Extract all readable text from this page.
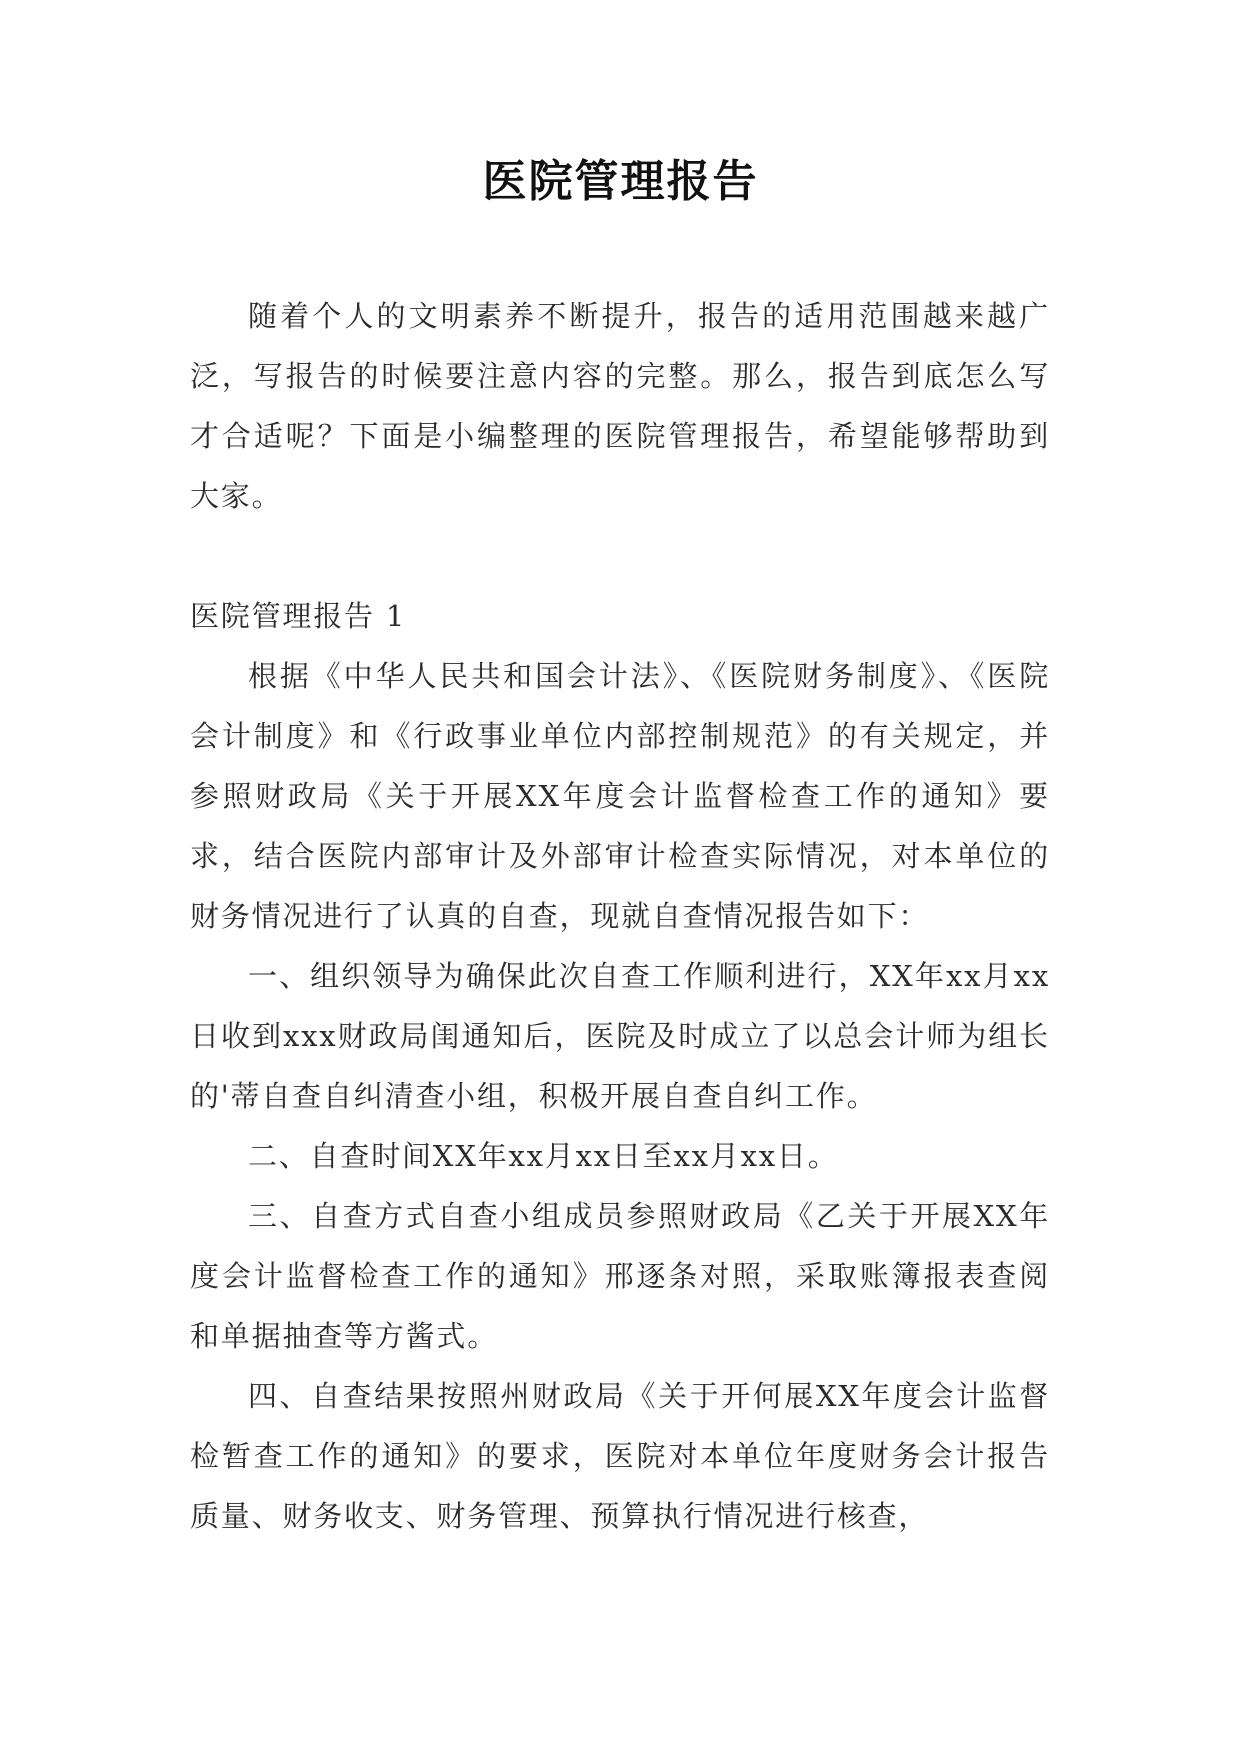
医院管理报告

随着个人的文明素养不断提升，报告的适用范围越来越广泛，写报告的时候要注意内容的完整。那么，报告到底怎么写才合适呢？下面是小编整理的医院管理报告，希望能够帮助到大家。

医院管理报告 1

根据《中华人民共和国会计法》、《医院财务制度》、《医院会计制度》和《行政事业单位内部控制规范》的有关规定，并参照财政局《关于开展XX年度会计监督检查工作的通知》要求，结合医院内部审计及外部审计检查实际情况，对本单位的财务情况进行了认真的自查，现就自查情况报告如下：

一、组织领导为确保此次自查工作顺利进行，XX年xx月xx日收到xxx财政局闺通知后，医院及时成立了以总会计师为组长的'蒂自查自纠清查小组，积极开展自查自纠工作。

二、自查时间XX年xx月xx日至xx月xx日。

三、自查方式自查小组成员参照财政局《乙关于开展XX年度会计监督检查工作的通知》邢逐条对照，采取账簿报表查阅和单据抽查等方酱式。

四、自查结果按照州财政局《关于开何展XX年度会计监督检暂查工作的通知》的要求，医院对本单位年度财务会计报告质量、财务收支、财务管理、预算执行情况进行核查，
